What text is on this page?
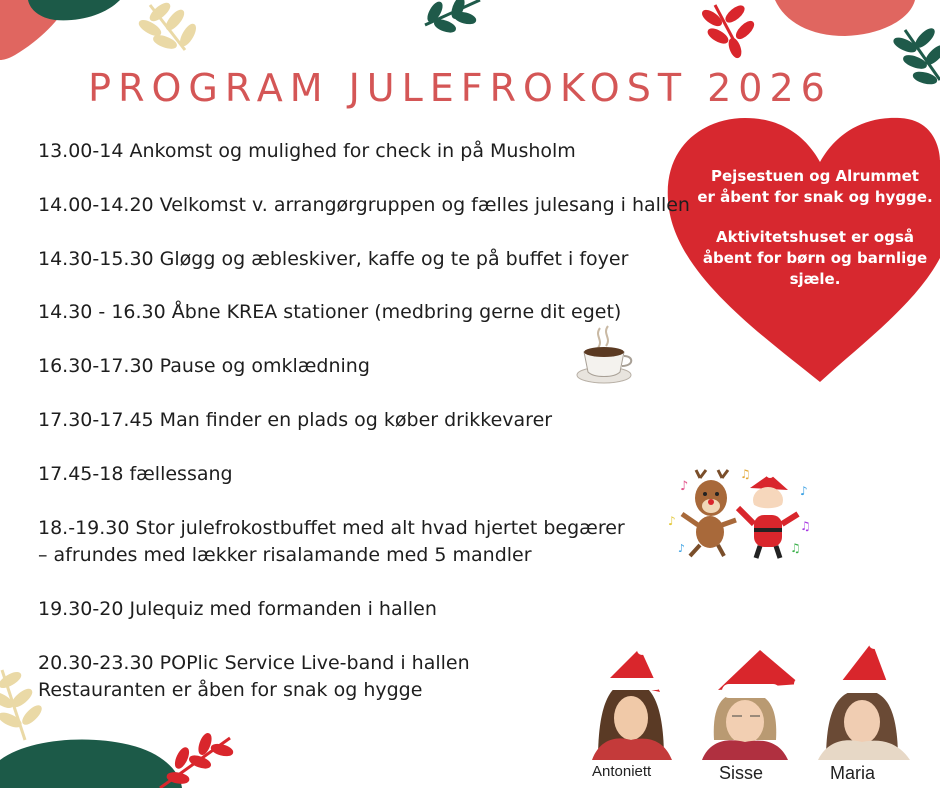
♪
♫
♪
♪	♫
♪	♫
PROGRAM JULEFROKOST 2026
13.00-14 Ankomst og mulighed for check in på Musholm
14.00-14.20 Velkomst v. arrangørgruppen og fælles julesang i hallen
14.30-15.30 Gløgg og æbleskiver, kaffe og te på buffet i foyer
14.30 - 16.30 Åbne KREA stationer (medbring gerne dit eget)
16.30-17.30 Pause og omklædning
17.30-17.45 Man finder en plads og køber drikkevarer
17.45-18 fællessang
18.-19.30 Stor julefrokostbuffet med alt hvad hjertet begærer
– afrundes med lækker risalamande med 5 mandler
19.30-20 Julequiz med formanden i hallen
20.30-23.30 POPlic Service Live-band i hallen
Restauranten er åben for snak og hygge

Pejsestuen og Alrummet
er åbent for snak og hygge.

Aktivitetshuset er også
åbent for børn og barnlige
sjæle.

Antoniett	Sisse	Maria
